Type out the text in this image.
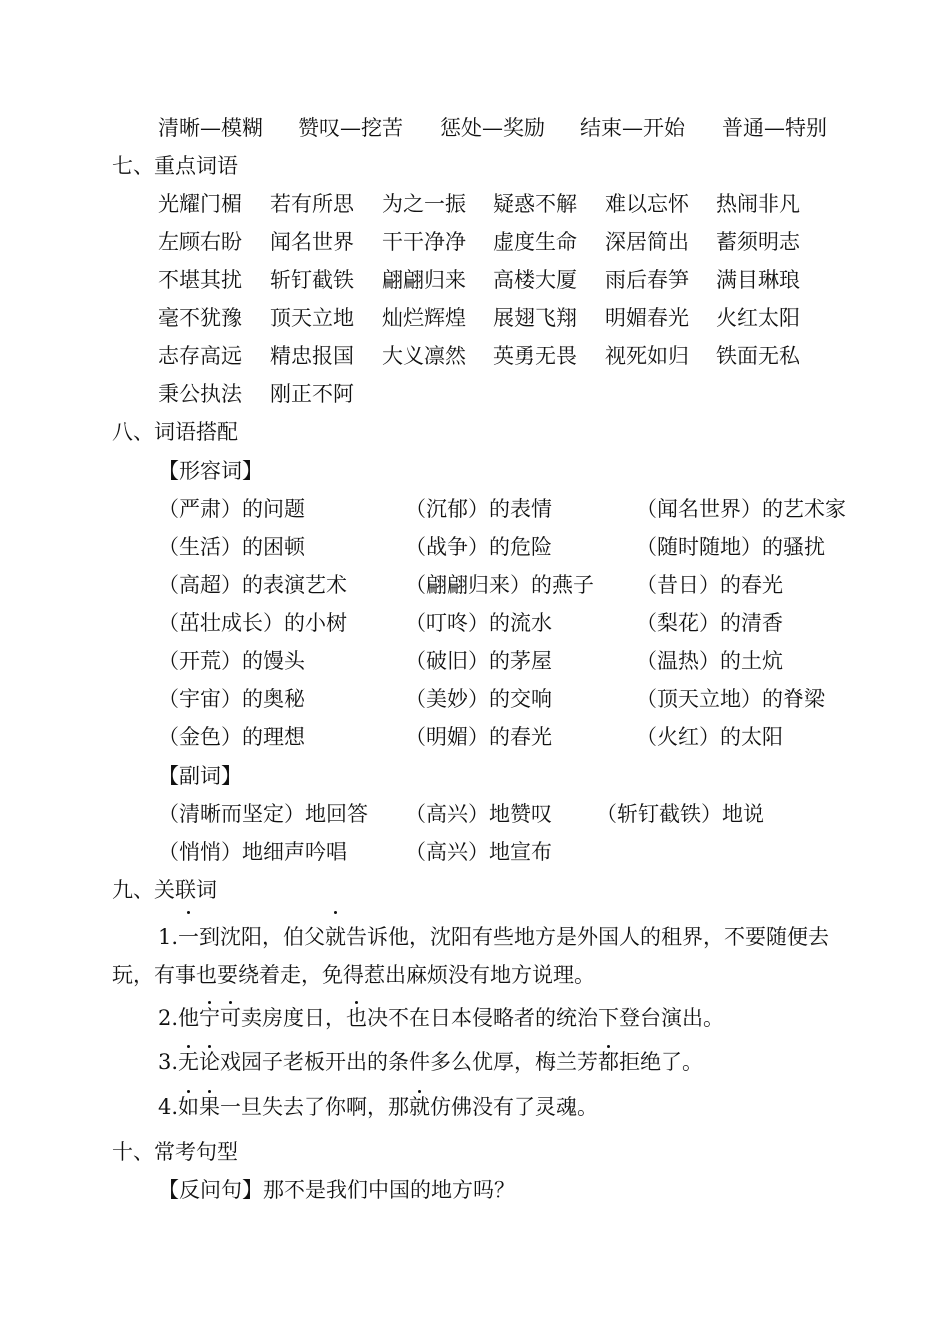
清晰—模糊 赞叹—挖苦 惩处—奖励 结束—开始 普通—特别
七、重点词语
光耀门楣 若有所思 为之一振 疑惑不解 难以忘怀 热闹非凡
左顾右盼 闻名世界 干干净净 虚度生命 深居简出 蓄须明志
不堪其扰 斩钉截铁 翩翩归来 高楼大厦 雨后春笋 满目琳琅
毫不犹豫 顶天立地 灿烂辉煌 展翅飞翔 明媚春光 火红太阳
志存高远 精忠报国 大义凛然 英勇无畏 视死如归 铁面无私
秉公执法 刚正不阿
八、词语搭配
【形容词】
（严肃）的问题	（沉郁）的表情	（闻名世界）的艺术家
（生活）的困顿	（战争）的危险	（随时随地）的骚扰
（高超）的表演艺术	（翩翩归来）的燕子 （昔日）的春光
（茁壮成长）的小树	（叮咚）的流水	（梨花）的清香
（开荒）的馒头	（破旧）的茅屋	（温热）的土炕
（宇宙）的奥秘	（美妙）的交响	（顶天立地）的脊梁
（金色）的理想	（明媚）的春光	（火红）的太阳
【副词】
（清晰而坚定）地回答 （高兴）地赞叹 （斩钉截铁）地说
（悄悄）地细声吟唱	（高兴）地宣布
九、关联词
1.一到沈阳，伯父就告诉他，沈阳有些地方是外国人的租界，不要随便去玩，有事也要绕着走，免得惹出麻烦没有地方说理。
2.他宁可卖房度日，也决不在日本侵略者的统治下登台演出。
3.无论戏园子老板开出的条件多么优厚，梅兰芳都拒绝了。
4.如果一旦失去了你啊，那就仿佛没有了灵魂。
十、常考句型
【反问句】那不是我们中国的地方吗？
